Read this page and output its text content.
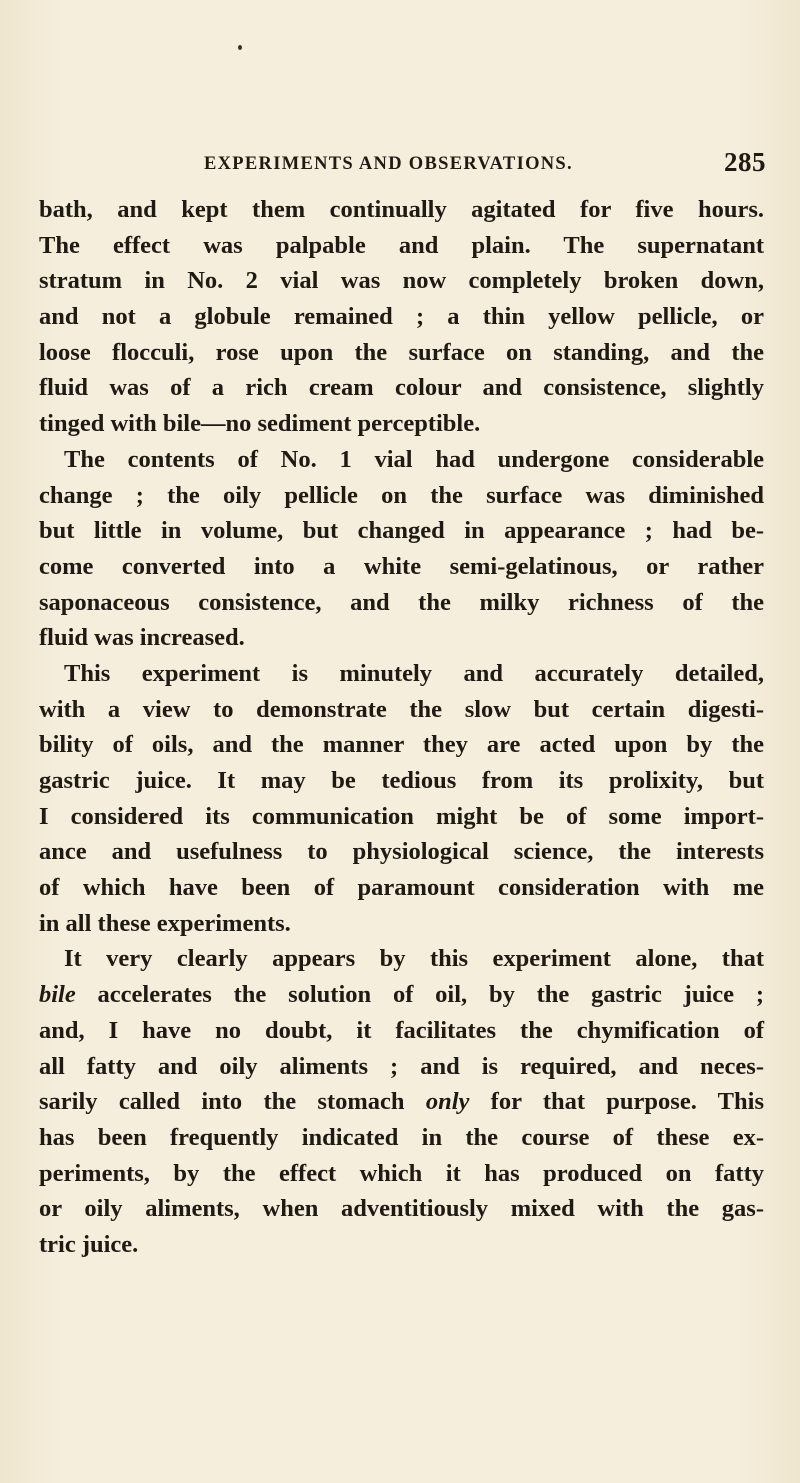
EXPERIMENTS AND OBSERVATIONS.	285
bath, and kept them continually agitated for five hours.
The effect was palpable and plain. The supernatant
stratum in No. 2 vial was now completely broken down,
and not a globule remained ; a thin yellow pellicle, or
loose flocculi, rose upon the surface on standing, and the
fluid was of a rich cream colour and consistence, slightly
tinged with bile—no sediment perceptible.
The contents of No. 1 vial had undergone considerable
change ; the oily pellicle on the surface was diminished
but little in volume, but changed in appearance ; had be-
come converted into a white semi-gelatinous, or rather
saponaceous consistence, and the milky richness of the
fluid was increased.
This experiment is minutely and accurately detailed,
with a view to demonstrate the slow but certain digesti-
bility of oils, and the manner they are acted upon by the
gastric juice. It may be tedious from its prolixity, but
I considered its communication might be of some import-
ance and usefulness to physiological science, the interests
of which have been of paramount consideration with me
in all these experiments.
It very clearly appears by this experiment alone, that
bile accelerates the solution of oil, by the gastric juice ;
and, I have no doubt, it facilitates the chymification of
all fatty and oily aliments ; and is required, and neces-
sarily called into the stomach only for that purpose. This
has been frequently indicated in the course of these ex-
periments, by the effect which it has produced on fatty
or oily aliments, when adventitiously mixed with the gas-
tric juice.
